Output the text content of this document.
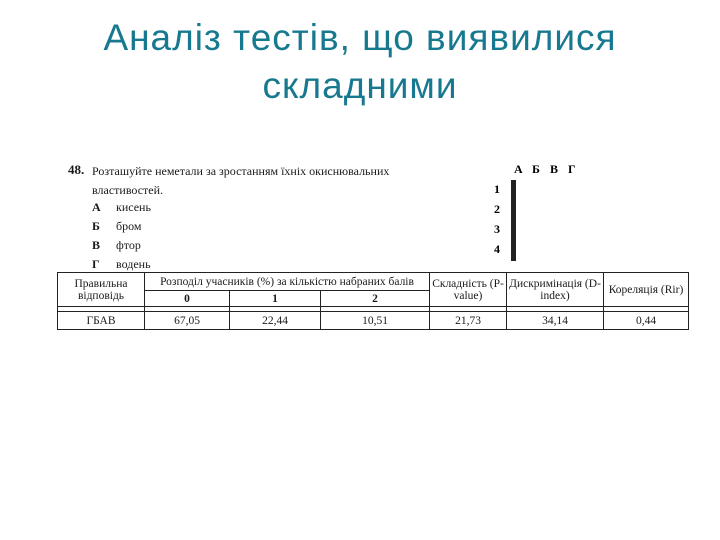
Аналіз тестів, що виявилися
складними
48. Розташуйте неметали за зростанням їхніх окиснювальних властивостей.
А	кисень
Б	бром
В	фтор
Г	водень
А Б В Г
1
2
3
4

Правильна відповідь	Розподіл учасників (%) за кількістю набраних балів			Складність (P-value)	Дискримінація (D-index)	Кореляція (Rir)
	0	1	2			

ГБАВ	67,05	22,44	10,51	21,73	34,14	0,44
